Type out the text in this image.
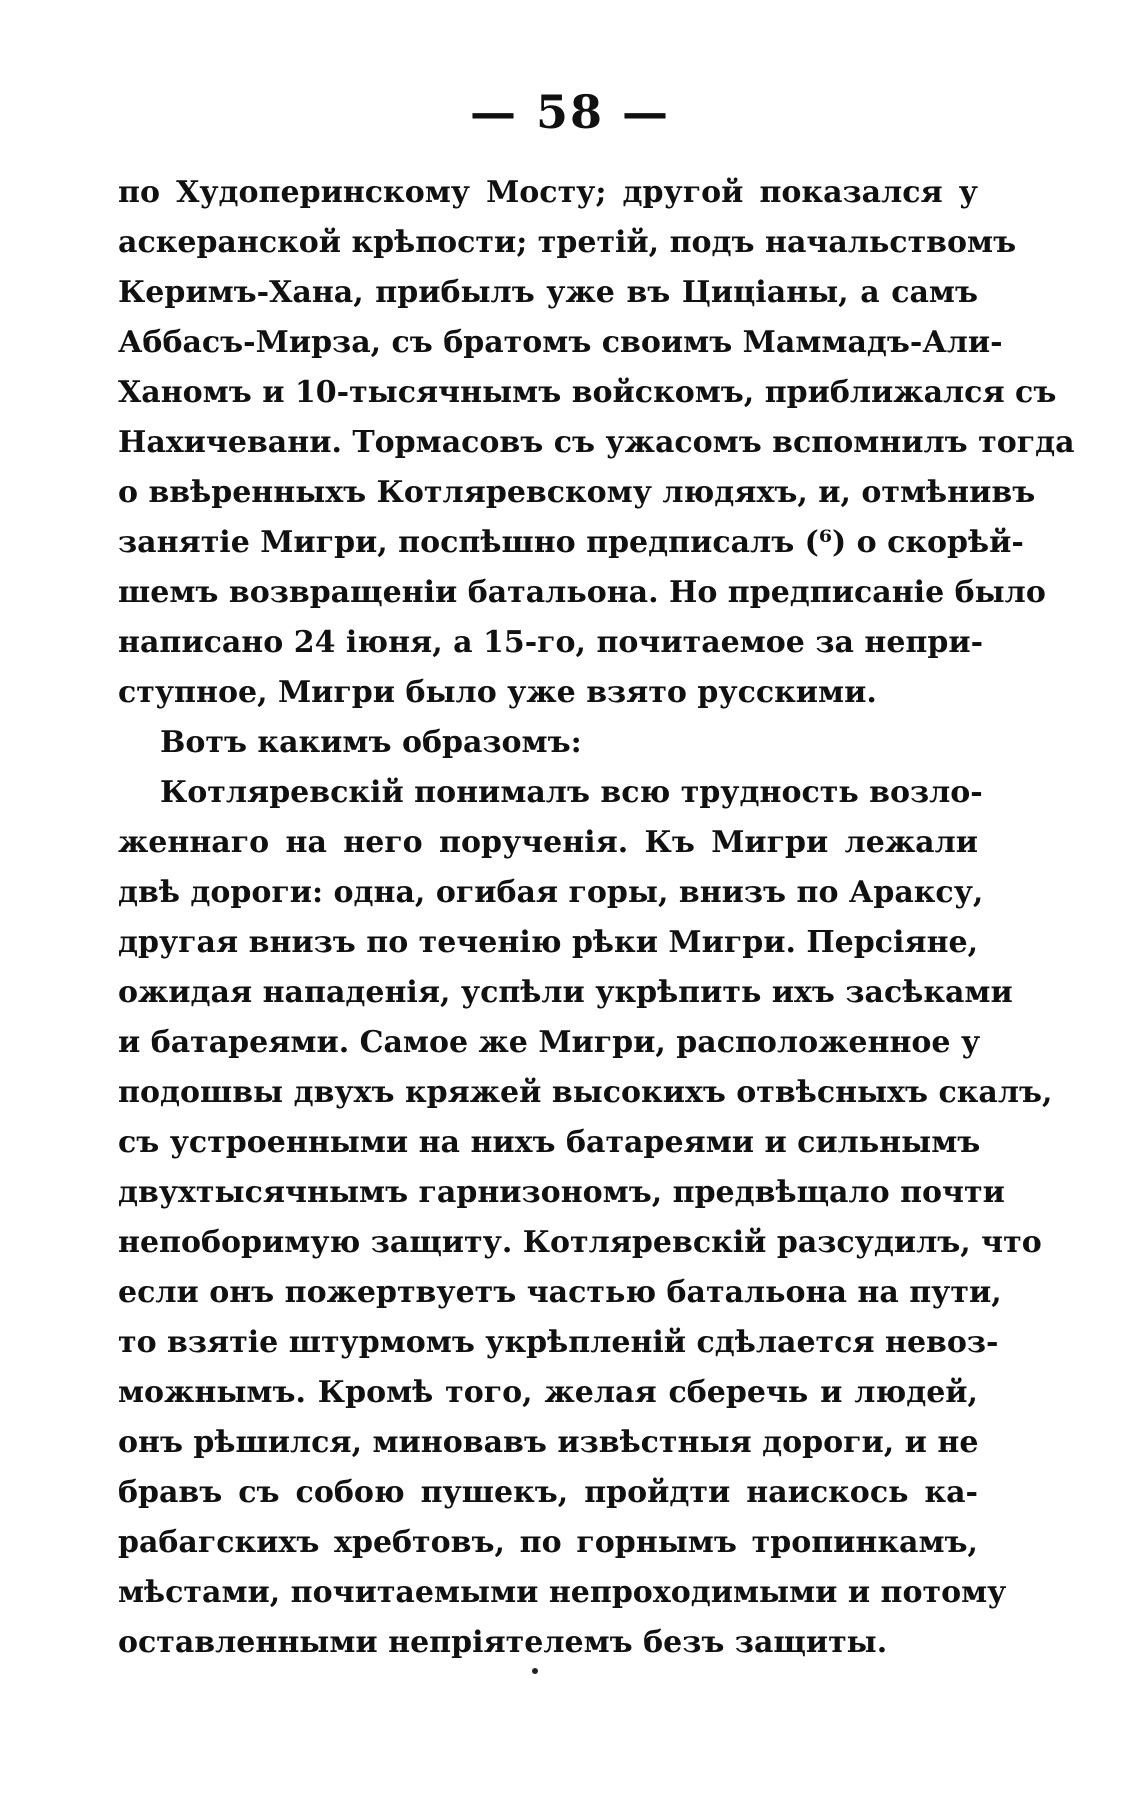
— 58 —
по Худоперинскому Мосту; другой показался у
аскеранской крѣпости; третій, подъ начальствомъ
Керимъ-Хана, прибылъ уже въ Циціаны, а самъ
Аббасъ-Мирза, съ братомъ своимъ Маммадъ-Али-
Ханомъ и 10-тысячнымъ войскомъ, приближался съ
Нахичевани. Тормасовъ съ ужасомъ вспомнилъ тогда
о ввѣренныхъ Котляревскому людяхъ, и, отмѣнивъ
занятіе Мигри, поспѣшно предписалъ (⁶) о скорѣй-
шемъ возвращеніи батальона. Но предписаніе было
написано 24 іюня, а 15-го, почитаемое за непри-
ступное, Мигри было уже взято русскими.
Вотъ какимъ образомъ:
Котляревскій понималъ всю трудность возло-
женнаго на него порученія. Къ Мигри лежали
двѣ дороги: одна, огибая горы, внизъ по Араксу,
другая внизъ по теченію рѣки Мигри. Персіяне,
ожидая нападенія, успѣли укрѣпить ихъ засѣками
и батареями. Самое же Мигри, расположенное у
подошвы двухъ кряжей высокихъ отвѣсныхъ скалъ,
съ устроенными на нихъ батареями и сильнымъ
двухтысячнымъ гарнизономъ, предвѣщало почти
непоборимую защиту. Котляревскій разсудилъ, что
если онъ пожертвуетъ частью батальона на пути,
то взятіе штурмомъ укрѣпленій сдѣлается невоз-
можнымъ. Кромѣ того, желая сберечь и людей,
онъ рѣшился, миновавъ извѣстныя дороги, и не
бравъ съ собою пушекъ, пройдти наискось ка-
рабагскихъ хребтовъ, по горнымъ тропинкамъ,
мѣстами, почитаемыми непроходимыми и потому
оставленными непріятелемъ безъ защиты.
